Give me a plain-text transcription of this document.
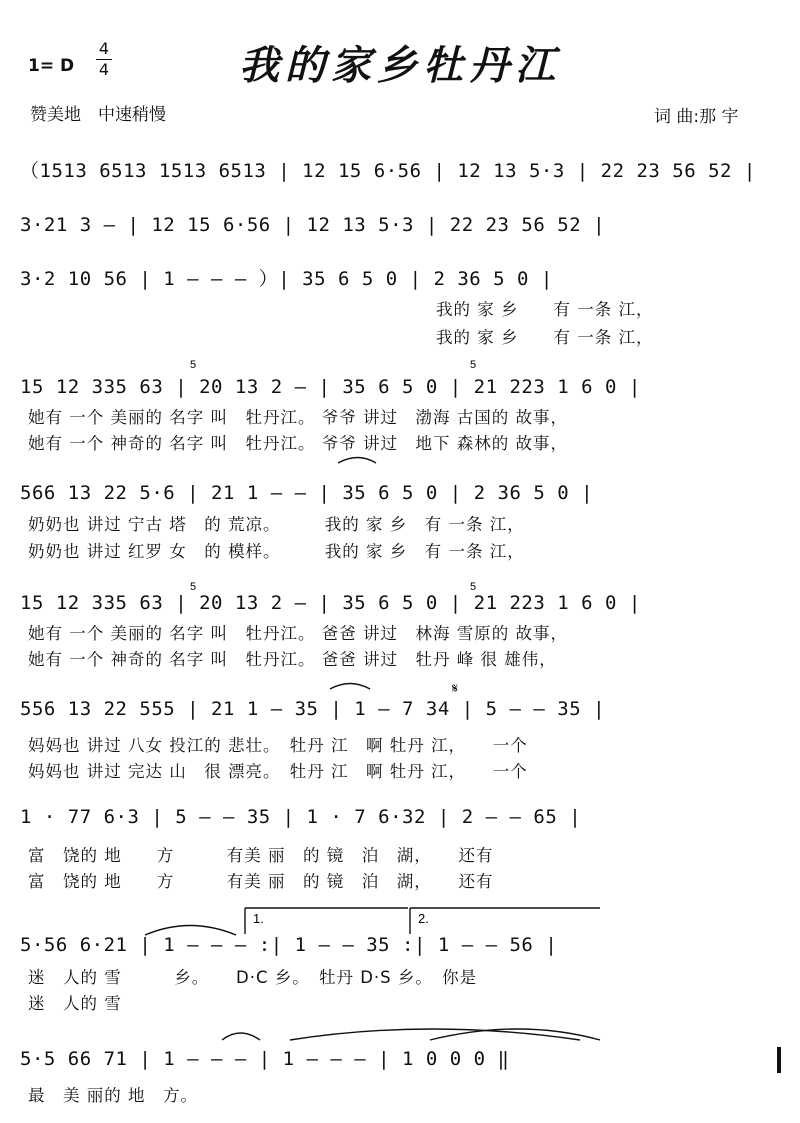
1= D
4
4	我的家乡牡丹江
赞美地　中速稍慢	词 曲:那 宇
1.	2.
5	5
5	5
𝄋
（1513 6513 1513 6513 | 12 15 6·56 | 12 13 5·3 | 22 23 56 52 |
3·21 3 — | 12 15 6·56 | 12 13 5·3 | 22 23 56 52 |
3·2 10 56 | 1 — — — ）| 35 6 5 0 | 2 36 5 0 |
我的 家 乡　　有 一条 江，
我的 家 乡　　有 一条 江，
15 12 335 63 | 20 13 2 — | 35 6 5 0 | 21 223 1 6 0 |
她有 一个 美丽的 名字 叫　牡丹江。 爷爷 讲过　渤海 古国的 故事，
她有 一个 神奇的 名字 叫　牡丹江。 爷爷 讲过　地下 森林的 故事，
566 13 22 5·6 | 21 1 — — | 35 6 5 0 | 2 36 5 0 |
奶奶也 讲过 宁古 塔　的 荒凉。　　　我的 家 乡　有 一条 江，
奶奶也 讲过 红罗 女　的 模样。　　　我的 家 乡　有 一条 江，
15 12 335 63 | 20 13 2 — | 35 6 5 0 | 21 223 1 6 0 |
她有 一个 美丽的 名字 叫　牡丹江。 爸爸 讲过　林海 雪原的 故事，
她有 一个 神奇的 名字 叫　牡丹江。 爸爸 讲过　牡丹 峰 很 雄伟，
556 13 22 555 | 21 1 — 35 | 1 — 7 34 | 5 — — 35 |
妈妈也 讲过 八女 投江的 悲壮。　牡丹 江　啊 牡丹 江，　　一个
妈妈也 讲过 完达 山　很 漂亮。　牡丹 江　啊 牡丹 江，　　一个
1 · 77 6·3 | 5 — — 35 | 1 · 7 6·32 | 2 — — 65 |
富　饶的 地　　方　　　有美 丽　的 镜　泊　湖，　　还有
富　饶的 地　　方　　　有美 丽　的 镜　泊　湖，　　还有
5·56 6·21 | 1 — — — :| 1 — — 35 :| 1 — — 56 |
迷　人的 雪　　　乡。　　D·C 乡。　牡丹 D·S 乡。　你是
迷　人的 雪
5·5 66 71 | 1 — — — | 1 — — — | 1 0 0 0 ‖
最　美 丽的 地　方。
